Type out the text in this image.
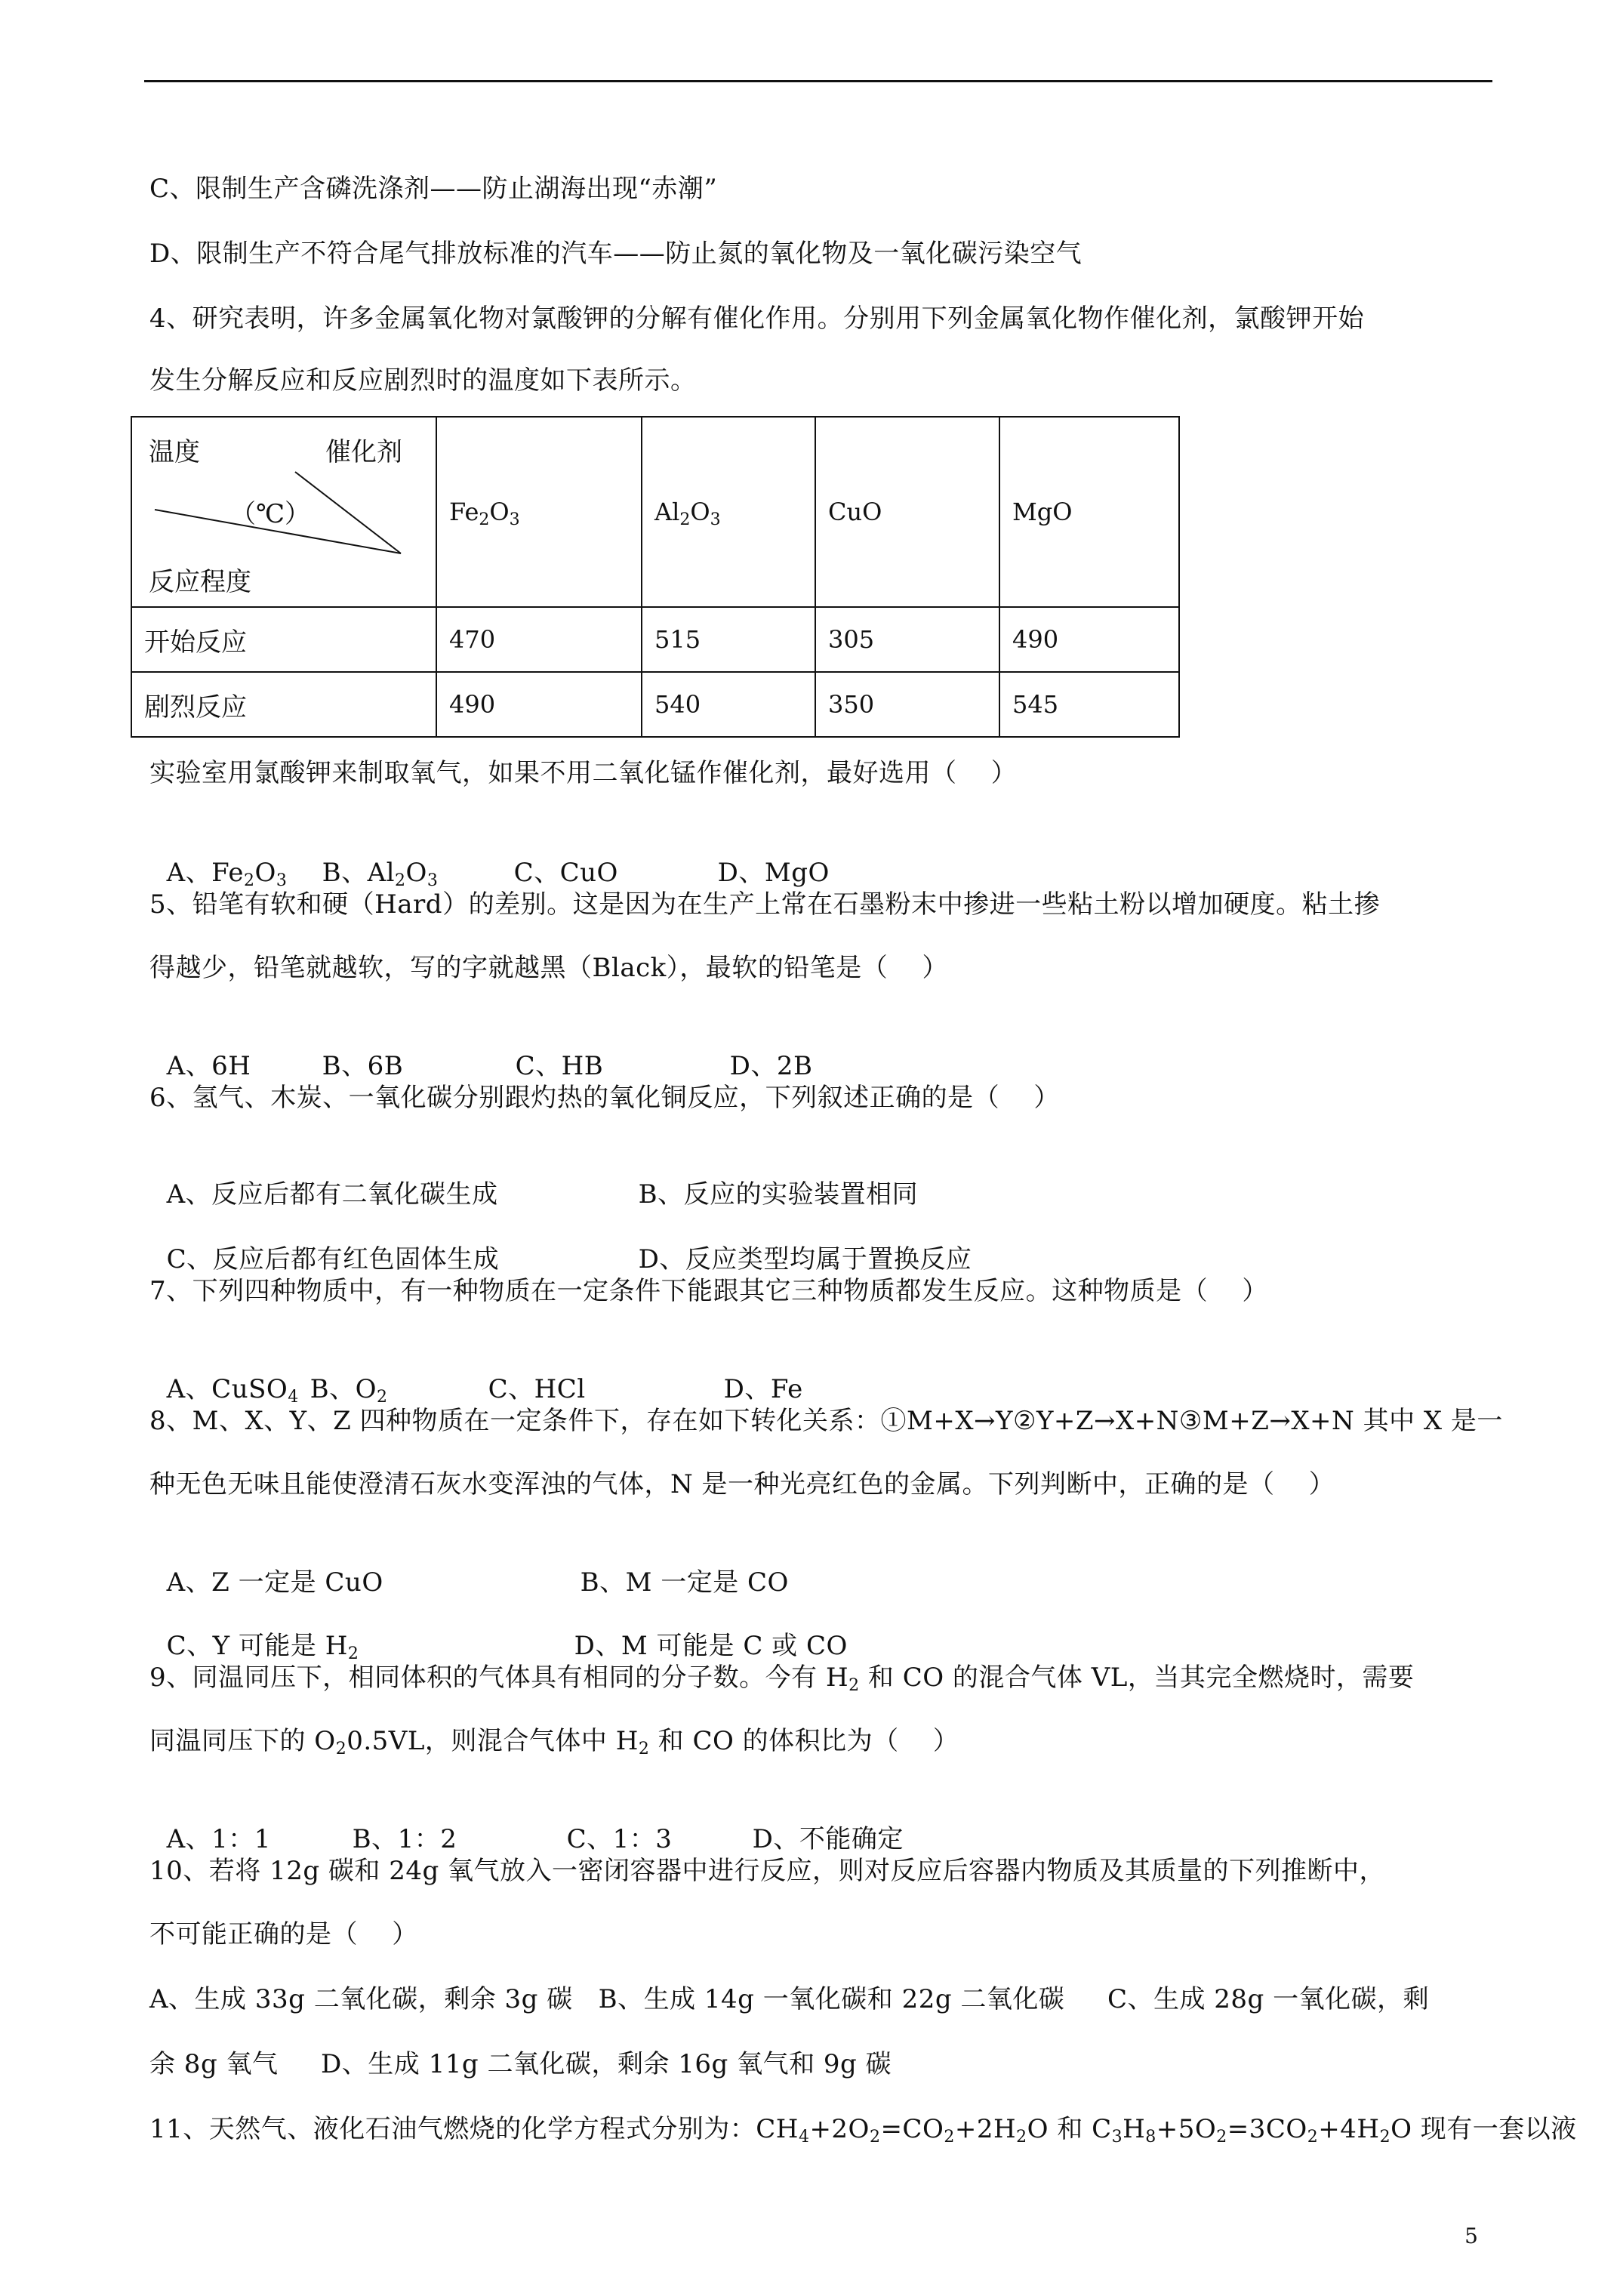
C、限制生产含磷洗涤剂——防止湖海出现“赤潮”
D、限制生产不符合尾气排放标准的汽车——防止氮的氧化物及一氧化碳污染空气
4、研究表明，许多金属氧化物对氯酸钾的分解有催化作用。分别用下列金属氧化物作催化剂，氯酸钾开始
发生分解反应和反应剧烈时的温度如下表所示。
温度 催化剂
（℃）
反应程度	$Fe_2O_3$	$Al_2O_3$	CuO	MgO
开始反应	470	515	305	490
剧烈反应	490	540	350	545
实验室用氯酸钾来制取氧气，如果不用二氧化锰作催化剂，最好选用（    ）

A、$Fe_2O_3$ B、$Al_2O_3$	C、CuO	D、MgO

5、铅笔有软和硬（Hard）的差别。这是因为在生产上常在石墨粉末中掺进一些粘土粉以增加硬度。粘土掺
得越少，铅笔就越软，写的字就越黑（Black），最软的铅笔是（    ）

A、6H	B、6B	C、HB	D、2B

6、氢气、木炭、一氧化碳分别跟灼热的氧化铜反应，下列叙述正确的是（    ）

A、反应后都有二氧化碳生成	B、反应的实验装置相同

C、反应后都有红色固体生成	D、反应类型均属于置换反应

7、下列四种物质中，有一种物质在一定条件下能跟其它三种物质都发生反应。这种物质是（    ）

A、CuSO$_4$ B、$O_2$	C、HCl	D、Fe

8、M、X、Y、Z 四种物质在一定条件下，存在如下转化关系：①M+X→Y②Y+Z→X+N③M+Z→X+N 其中 X 是一
种无色无味且能使澄清石灰水变浑浊的气体，N 是一种光亮红色的金属。下列判断中，正确的是（    ）

A、Z 一定是 CuO	B、M 一定是 CO

C、Y 可能是 $H_2$	D、M 可能是 C 或 CO

9、同温同压下，相同体积的气体具有相同的分子数。今有 $H_2$ 和 CO 的混合气体 VL，当其完全燃烧时，需要
同温同压下的 $O_20.5VL$，则混合气体中 $H_2$ 和 CO 的体积比为（    ）

A、1：1	B、1：2	C、1：3	D、不能确定

10、若将 12g 碳和 24g 氧气放入一密闭容器中进行反应，则对反应后容器内物质及其质量的下列推断中，
不可能正确的是（    ）
A、生成 33g 二氧化碳，剩余 3g 碳   B、生成 14g 一氧化碳和 22g 二氧化碳     C、生成 28g 一氧化碳，剩
余 8g 氧气     D、生成 11g 二氧化碳，剩余 16g 氧气和 9g 碳
11、天然气、液化石油气燃烧的化学方程式分别为：$CH_4+2O_2=CO_2+2H_2O$ 和 $C_3H_8+5O_2=3CO_2+4H_2O$ 现有一套以液
5
